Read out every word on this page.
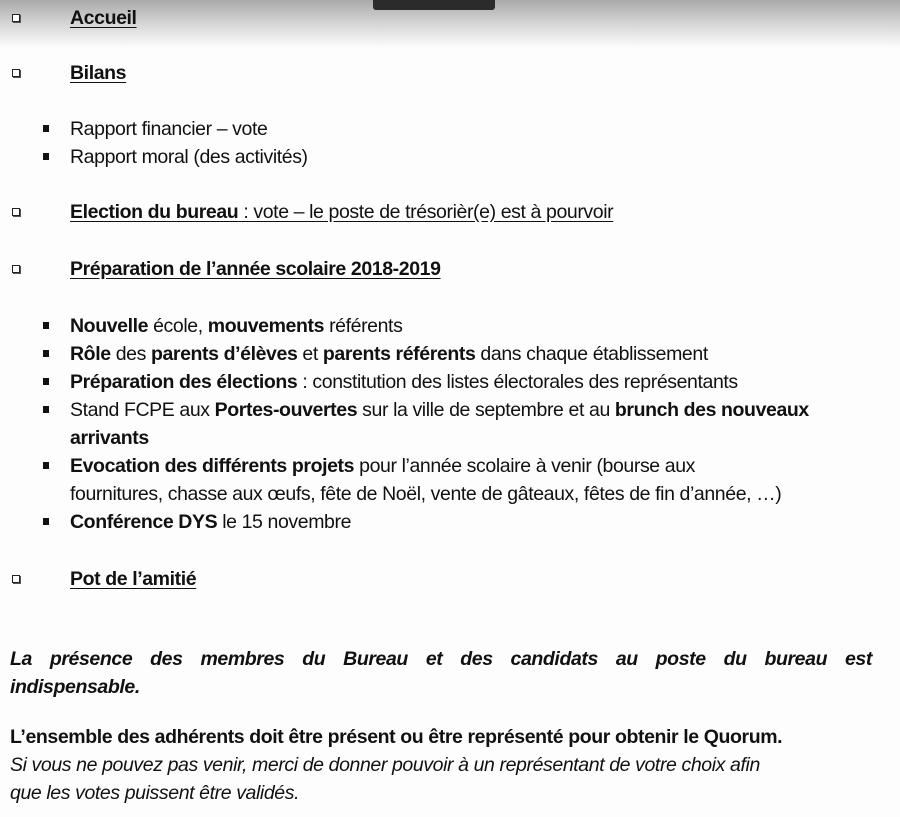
Accueil
Bilans
Rapport financier – vote
Rapport moral (des activités)
Election du bureau : vote – le poste de trésorièr(e) est à pourvoir
Préparation de l’année scolaire 2018-2019
Nouvelle école, mouvements référents
Rôle des parents d’élèves et parents référents dans chaque établissement
Préparation des élections : constitution des listes électorales des représentants
Stand FCPE aux Portes-ouvertes sur la ville de septembre et au brunch des nouveaux
arrivants
Evocation des différents projets pour l’année scolaire à venir (bourse aux
fournitures, chasse aux œufs, fête de Noël, vente de gâteaux, fêtes de fin d’année, …)
Conférence DYS le 15 novembre
Pot de l’amitié
La présence des membres du Bureau et des candidats au poste du bureau est
indispensable.
L’ensemble des adhérents doit être présent ou être représenté pour obtenir le Quorum.
Si vous ne pouvez pas venir, merci de donner pouvoir à un représentant de votre choix afin
que les votes puissent être validés.
